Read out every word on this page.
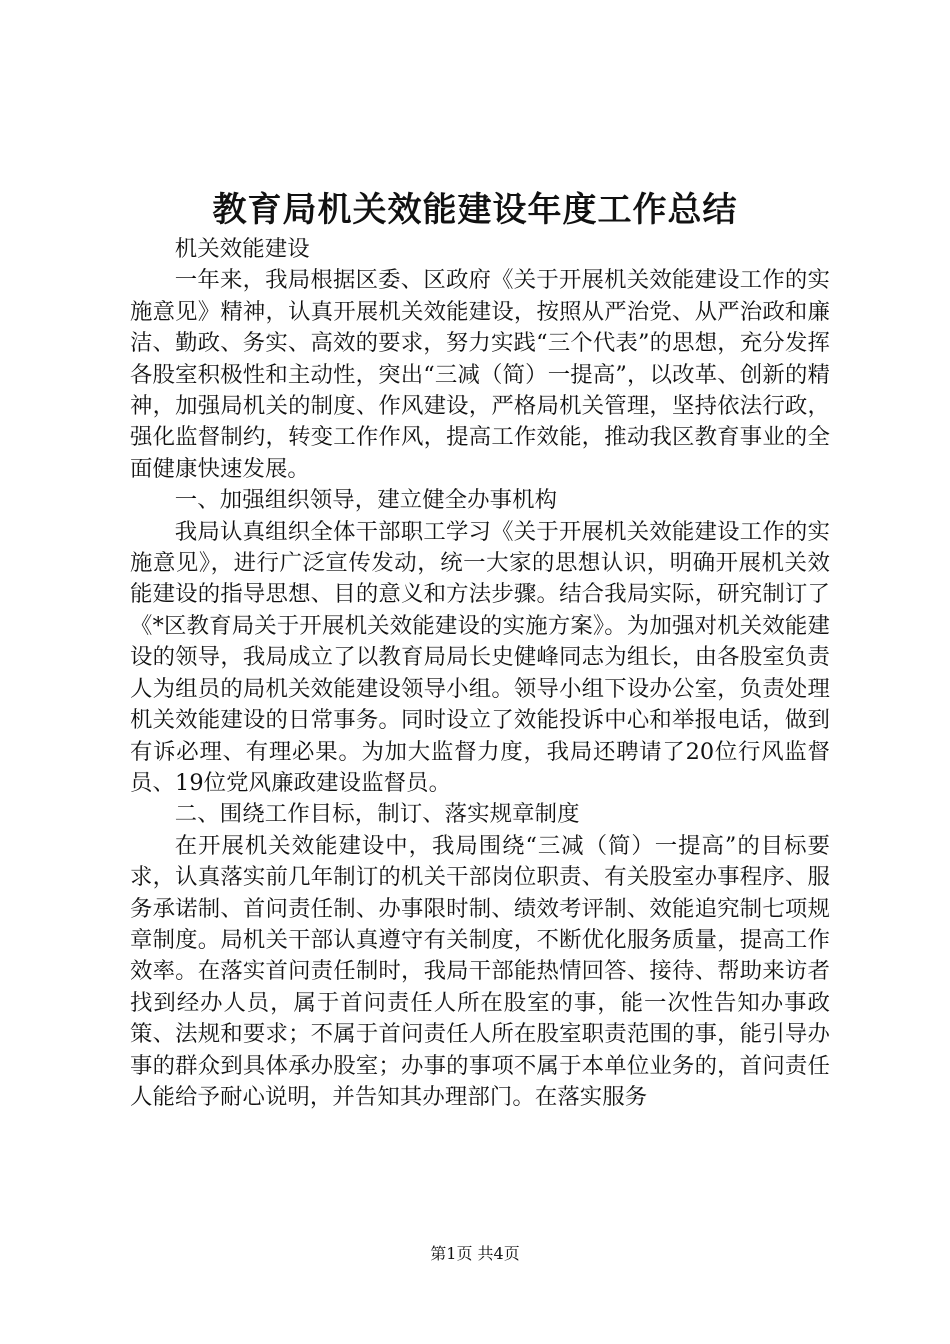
教育局机关效能建设年度工作总结

机关效能建设

一年来，我局根据区委、区政府《关于开展机关效能建设工作的实施意见》精神，认真开展机关效能建设，按照从严治党、从严治政和廉洁、勤政、务实、高效的要求，努力实践“三个代表”的思想，充分发挥各股室积极性和主动性，突出“三减（简）一提高”，以改革、创新的精神，加强局机关的制度、作风建设，严格局机关管理，坚持依法行政，强化监督制约，转变工作作风，提高工作效能，推动我区教育事业的全面健康快速发展。

一、加强组织领导，建立健全办事机构

我局认真组织全体干部职工学习《关于开展机关效能建设工作的实施意见》，进行广泛宣传发动，统一大家的思想认识，明确开展机关效能建设的指导思想、目的意义和方法步骤。结合我局实际，研究制订了《*区教育局关于开展机关效能建设的实施方案》。为加强对机关效能建设的领导，我局成立了以教育局局长史健峰同志为组长，由各股室负责人为组员的局机关效能建设领导小组。领导小组下设办公室，负责处理机关效能建设的日常事务。同时设立了效能投诉中心和举报电话，做到有诉必理、有理必果。为加大监督力度，我局还聘请了20位行风监督员、19位党风廉政建设监督员。

二、围绕工作目标，制订、落实规章制度

在开展机关效能建设中，我局围绕“三减（简）一提高”的目标要求，认真落实前几年制订的机关干部岗位职责、有关股室办事程序、服务承诺制、首问责任制、办事限时制、绩效考评制、效能追究制七项规章制度。局机关干部认真遵守有关制度，不断优化服务质量，提高工作效率。在落实首问责任制时，我局干部能热情回答、接待、帮助来访者找到经办人员，属于首问责任人所在股室的事，能一次性告知办事政策、法规和要求；不属于首问责任人所在股室职责范围的事，能引导办事的群众到具体承办股室；办事的事项不属于本单位业务的，首问责任人能给予耐心说明，并告知其办理部门。在落实服务

第1页 共4页
